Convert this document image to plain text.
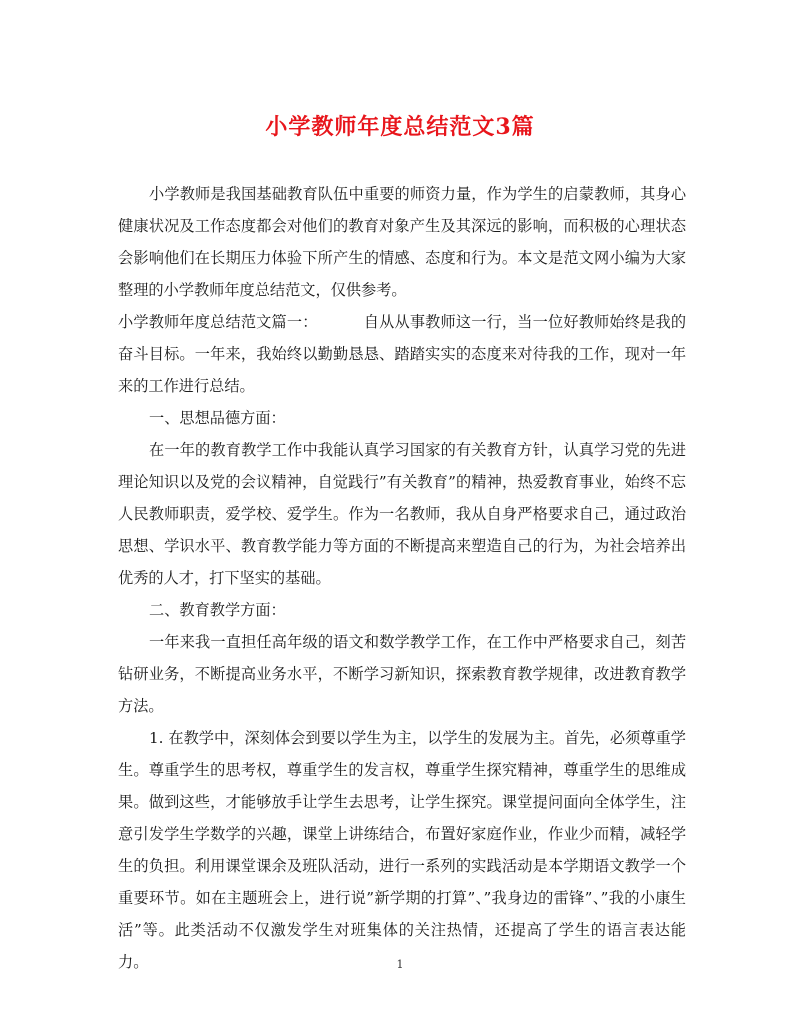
小学教师年度总结范文3篇

小学教师是我国基础教育队伍中重要的师资力量，作为学生的启蒙教师，其身心健康状况及工作态度都会对他们的教育对象产生及其深远的影响，而积极的心理状态会影响他们在长期压力体验下所产生的情感、态度和行为。本文是范文网小编为大家整理的小学教师年度总结范文，仅供参考。

小学教师年度总结范文篇一：	自从从事教师这一行，当一位好教师始终是我的奋斗目标。一年来，我始终以勤勤恳恳、踏踏实实的态度来对待我的工作，现对一年来的工作进行总结。

一、思想品德方面：

在一年的教育教学工作中我能认真学习国家的有关教育方针，认真学习党的先进理论知识以及党的会议精神，自觉践行”有关教育”的精神，热爱教育事业，始终不忘人民教师职责，爱学校、爱学生。作为一名教师，我从自身严格要求自己，通过政治思想、学识水平、教育教学能力等方面的不断提高来塑造自己的行为，为社会培养出优秀的人才，打下坚实的基础。

二、教育教学方面：

一年来我一直担任高年级的语文和数学教学工作，在工作中严格要求自己，刻苦钻研业务，不断提高业务水平，不断学习新知识，探索教育教学规律，改进教育教学方法。

1. 在教学中，深刻体会到要以学生为主，以学生的发展为主。首先，必须尊重学生。尊重学生的思考权，尊重学生的发言权，尊重学生探究精神，尊重学生的思维成果。做到这些，才能够放手让学生去思考，让学生探究。课堂提问面向全体学生，注意引发学生学数学的兴趣，课堂上讲练结合，布置好家庭作业，作业少而精，减轻学生的负担。利用课堂课余及班队活动，进行一系列的实践活动是本学期语文教学一个重要环节。如在主题班会上，进行说”新学期的打算”、”我身边的雷锋”、”我的小康生活”等。此类活动不仅激发学生对班集体的关注热情，还提高了学生的语言表达能力。	1
